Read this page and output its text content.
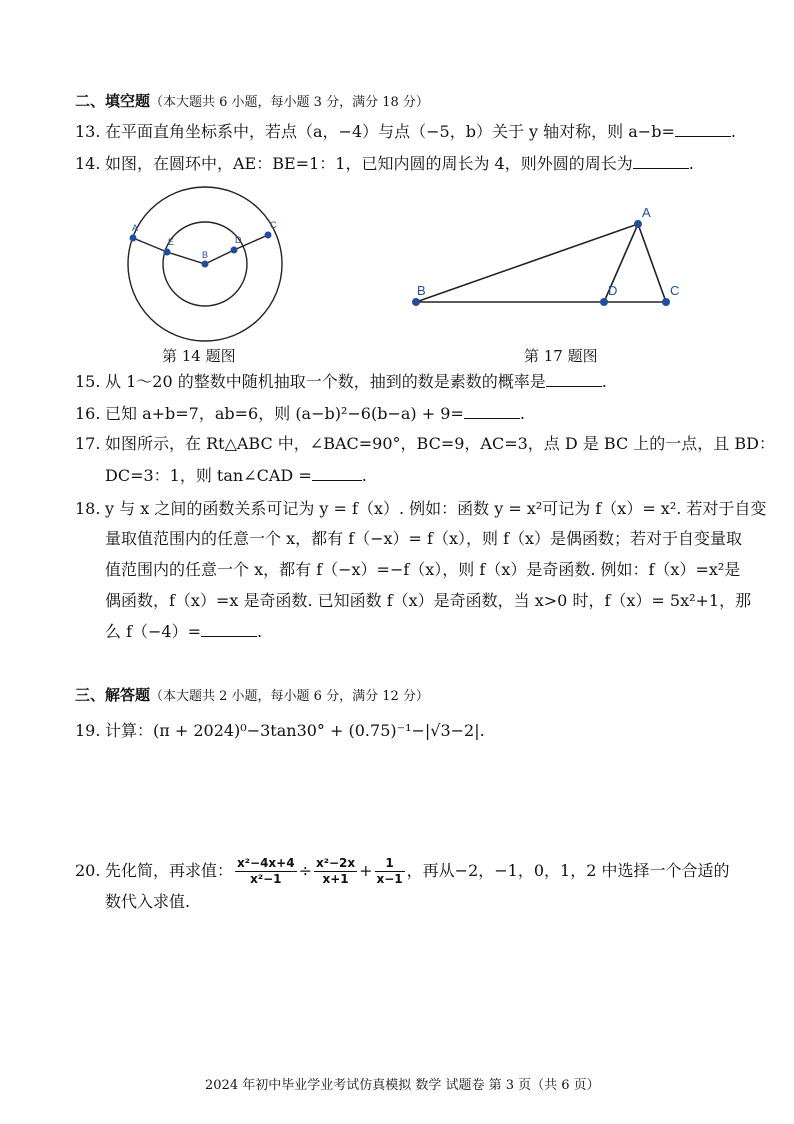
二、填空题（本大题共 6 小题，每小题 3 分，满分 18 分）
13. 在平面直角坐标系中，若点（a，−4）与点（−5，b）关于 y 轴对称，则 a−b=	.
14. 如图，在圆环中，AE：BE=1：1，已知内圆的周长为 4，则外圆的周长为	.
A
E
B
D
C
第 14 题图
A
B	D	C
第 17 题图
15. 从 1～20 的整数中随机抽取一个数，抽到的数是素数的概率是	.
16. 已知 a+b=7，ab=6，则 (a−b)²−6(b−a) + 9=	.
17. 如图所示，在 Rt△ABC 中，∠BAC=90°，BC=9，AC=3，点 D 是 BC 上的一点，且 BD：
DC=3：1，则 tan∠CAD =	.
18. y 与 x 之间的函数关系可记为 y = f（x）. 例如：函数 y = x²可记为 f（x）= x². 若对于自变
量取值范围内的任意一个 x，都有 f（−x）= f（x），则 f（x）是偶函数；若对于自变量取
值范围内的任意一个 x，都有 f（−x）=−f（x），则 f（x）是奇函数. 例如：f（x）=x²是
偶函数，f（x）=x 是奇函数. 已知函数 f（x）是奇函数，当 x>0 时，f（x）= 5x²+1，那
么 f（−4）=	.
三、解答题（本大题共 2 小题，每小题 6 分，满分 12 分）
19. 计算：(π + 2024)⁰−3tan30° + (0.75)⁻¹−|√3−2|.
20. 先化简，再求值： $\frac{\text{x²−4x+4}}{\text{x²−1}} \div \frac{\text{x²−2x}}{x+1} + \frac{1}{x-1}$ ，再从−2，−1，0，1，2 中选择一个合适的
数代入求值.
2024 年初中毕业学业考试仿真模拟 数学 试题卷 第 3 页（共 6 页）
